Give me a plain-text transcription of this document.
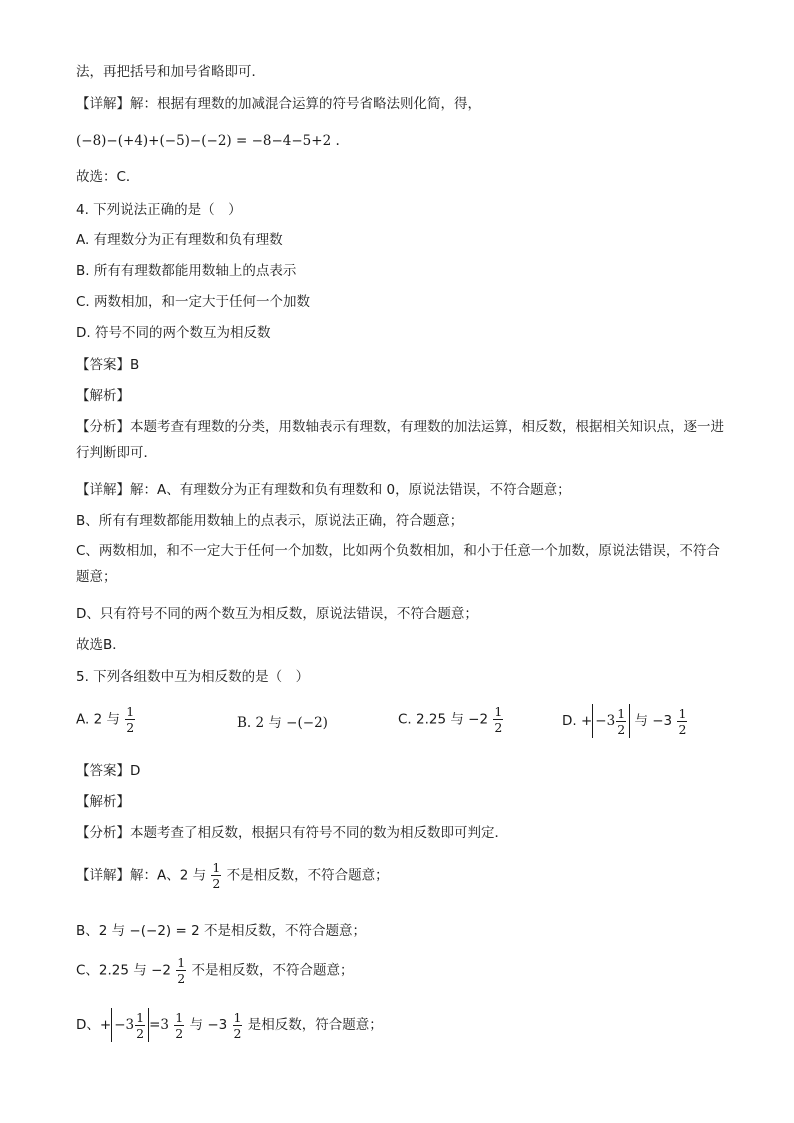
法，再把括号和加号省略即可．
【详解】解：根据有理数的加减混合运算的符号省略法则化简，得，
(−8)−(+4)+(−5)−(−2) = −8−4−5+2 .
故选：C．
4. 下列说法正确的是（　）
A. 有理数分为正有理数和负有理数
B. 所有有理数都能用数轴上的点表示
C. 两数相加，和一定大于任何一个加数
D. 符号不同的两个数互为相反数
【答案】B
【解析】
【分析】本题考查有理数的分类，用数轴表示有理数，有理数的加法运算，相反数，根据相关知识点，逐一进行判断即可．
【详解】解：A、有理数分为正有理数和负有理数和 0，原说法错误，不符合题意；
B、所有有理数都能用数轴上的点表示，原说法正确，符合题意；
C、两数相加，和不一定大于任何一个加数，比如两个负数相加，和小于任意一个加数，原说法错误，不符合题意；
D、只有符号不同的两个数互为相反数，原说法错误，不符合题意；
故选B．
5. 下列各组数中互为相反数的是（　）
A. 2 与 $\frac{1}{2}$	B. 2 与 −(−2)	C. 2.25 与 $-2 \frac{1}{2}$	D. + $-3 \frac{1}{2}$ 与 $-3 \frac{1}{2}$
【答案】D
【解析】
【分析】本题考查了相反数，根据只有符号不同的数为相反数即可判定．
【详解】解：A、2 与 $\frac{1}{2}$ 不是相反数，不符合题意；
B、2 与 −(−2) = 2 不是相反数，不符合题意；
C、2.25 与 $-2 \frac{1}{2}$ 不是相反数，不符合题意；
D、+ $-3 \frac{1}{2} =3 \frac{1}{2}$ 与 $-3 \frac{1}{2}$ 是相反数，符合题意；
